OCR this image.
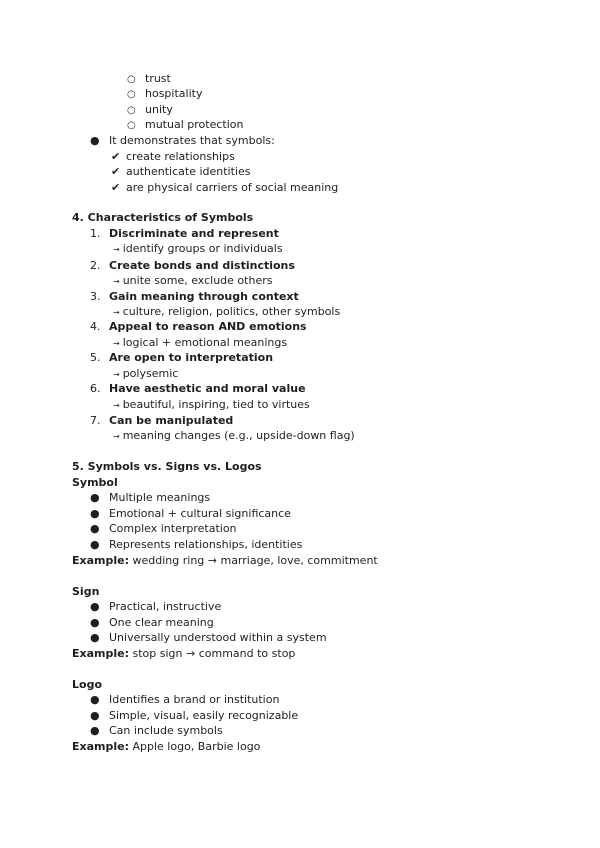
○ trust
○ hospitality
○ unity
○ mutual protection
● It demonstrates that symbols:
✔ create relationships
✔ authenticate identities
✔ are physical carriers of social meaning
4. Characteristics of Symbols
1. Discriminate and represent
→ identify groups or individuals
2. Create bonds and distinctions
→ unite some, exclude others
3. Gain meaning through context
→ culture, religion, politics, other symbols
4. Appeal to reason AND emotions
→ logical + emotional meanings
5. Are open to interpretation
→ polysemic
6. Have aesthetic and moral value
→ beautiful, inspiring, tied to virtues
7. Can be manipulated
→ meaning changes (e.g., upside-down flag)
5. Symbols vs. Signs vs. Logos
Symbol
● Multiple meanings
● Emotional + cultural significance
● Complex interpretation
● Represents relationships, identities
Example: wedding ring → marriage, love, commitment
Sign
● Practical, instructive
● One clear meaning
● Universally understood within a system
Example: stop sign → command to stop
Logo
● Identifies a brand or institution
● Simple, visual, easily recognizable
● Can include symbols
Example: Apple logo, Barbie logo
